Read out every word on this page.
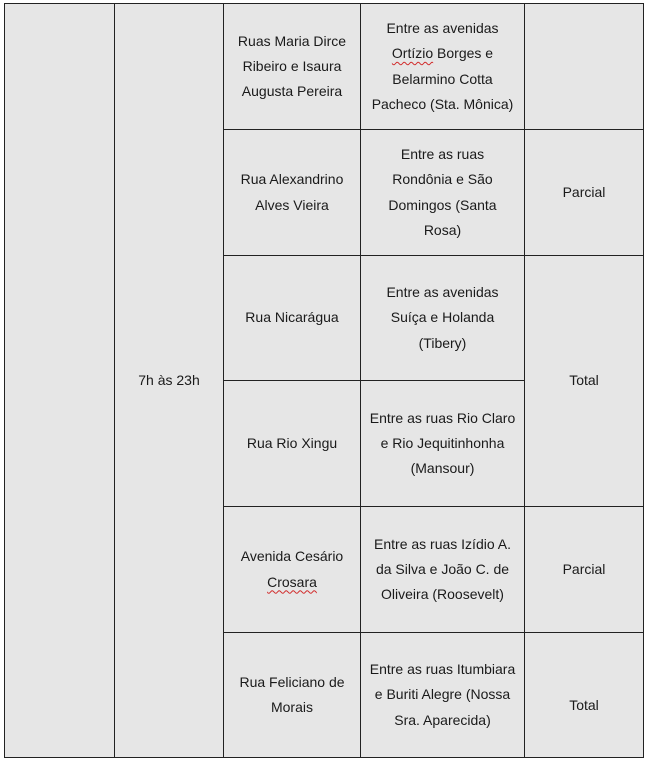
	7h às 23h	Ruas Maria Dirce Ribeiro e Isaura Augusta Pereira	Entre as avenidas Ortízio Borges e Belarmino Cotta Pacheco (Sta. Mônica)	
		Rua Alexandrino Alves Vieira	Entre as ruas Rondônia e São Domingos (Santa Rosa)	Parcial
		Rua Nicarágua	Entre as avenidas Suíça e Holanda (Tibery)	Total
		Rua Rio Xingu	Entre as ruas Rio Claro e Rio Jequitinhonha (Mansour)	
		Avenida Cesário Crosara	Entre as ruas Izídio A. da Silva e João C. de Oliveira (Roosevelt)	Parcial
		Rua Feliciano de Morais	Entre as ruas Itumbiara e Buriti Alegre (Nossa Sra. Aparecida)	Total
